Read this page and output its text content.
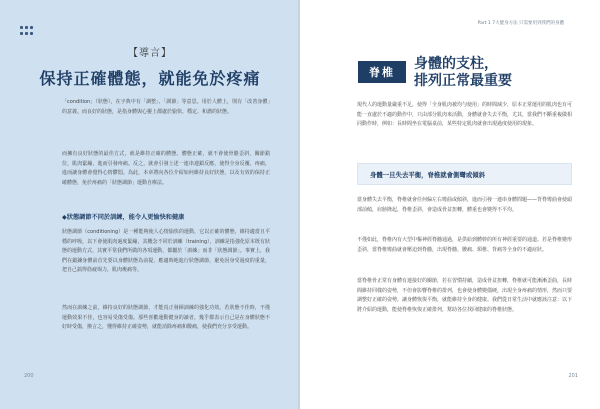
【導言】
保持正確體態，就能免於疼痛
「condition」（狀態），在字典中有「調整」、「調節」等意思。用於人體上，則有「改善身體」的意義。而良好的狀態，是指身體與心靈上都處於愉快、穩定、和諧的狀態。
而擁有良好狀態的最佳方式，就是維持正確的體態。體態正確，就不會使骨骼歪斜，關節錯位，肌肉緊繃，進而引發疼痛。反之，就會引發上述一連串連鎖反應，使得全身反覆、疼痛，進而讓身體會覺得心情鬱悶。為此，本章將向各位介紹如何維持良好狀態，以及有效的保持正確體態，免於疼痛的「狀態調節」運動自療法。
◆狀態調節不同於訓練，能令人更愉快和健康
狀態調節（conditioning）是一種能夠使人心情愉快的運動，它以正確的體態，維持適當且平穩的呼吸，以下會使肌肉過度緊繃，其概念不同於訓練（training），訓練是指強化原本既有狀態的運動方式，其實平常我們所做的各項運動，都屬於「訓練」而非「狀態調節」。事實上，我們在鍛鍊身體前首先要以身體狀態為前提，應適時地進行狀態調節，避免因身受過度的重量，把自己搞得筋疲竭力，肌肉痠痛等。
然而在訓練之前，維持良好的狀態調節，才能真正發揮訓練的強化功效。若狀態不佳時，不僅運動效果不佳，也容易受傷受傷。那些喜歡運動健身的讀者，幾乎都表示自己是在身體狀態不好時受傷，換言之，懂得維持正確姿勢，就能消除疼痛和酸痛，使我們充分享受運動。
200
Part 1 7大健身方法 只需要用到我們的身體
201
脊椎
身體的支柱，
排列正常最重要
現代人的運動量嚴重不足，使得「全身肌肉被均勻使用」的時間減少，原本正常運用的肌肉也有可能一直處於不適的動作中，只由部分肌肉來活動，身體就會失去平衡，尤其，當我們不斷重複做相同動作時，例如：長時間坐在電腦桌前，某些特定肌肉就會出現過度使用的現象。
身體一旦失去平衡，脊椎就會側彎或傾斜
當身體失去平衡，脊椎就會任何偏左右彎曲或傾斜，進而引發一連串身體問題——背脊彎曲會使頭部前傾，肩膀隆起，脊椎歪斜，會造成骨盆扭轉，體重也會變得不平均。
不僅如此，脊椎內有大型中樞神經脊髓通過，是供給到體幹的所有神經重要的通道。若是脊椎變形歪斜，當脊椎彎曲就會壓迫到脊髓，出現脊髓、腰痛、頸椎、背痛等全身的不適症狀。
當脊椎骨正常有身體有連接好的關節，若在習慣持續，造成骨盆扭轉，脊椎就可能漸漸歪曲，長時間維持同樣的姿勢，不但會影響脊椎的排列，也會使身體變僵硬，出現全身疼痛的情形，然而只要調整好正確的姿勢，讓身體恢復平衡，就能維持全身的健康。我們從日常生活中就應該注意：以下將介紹的運動，能使脊椎恢復正確排列，幫助各位找回健康的脊椎狀態。
